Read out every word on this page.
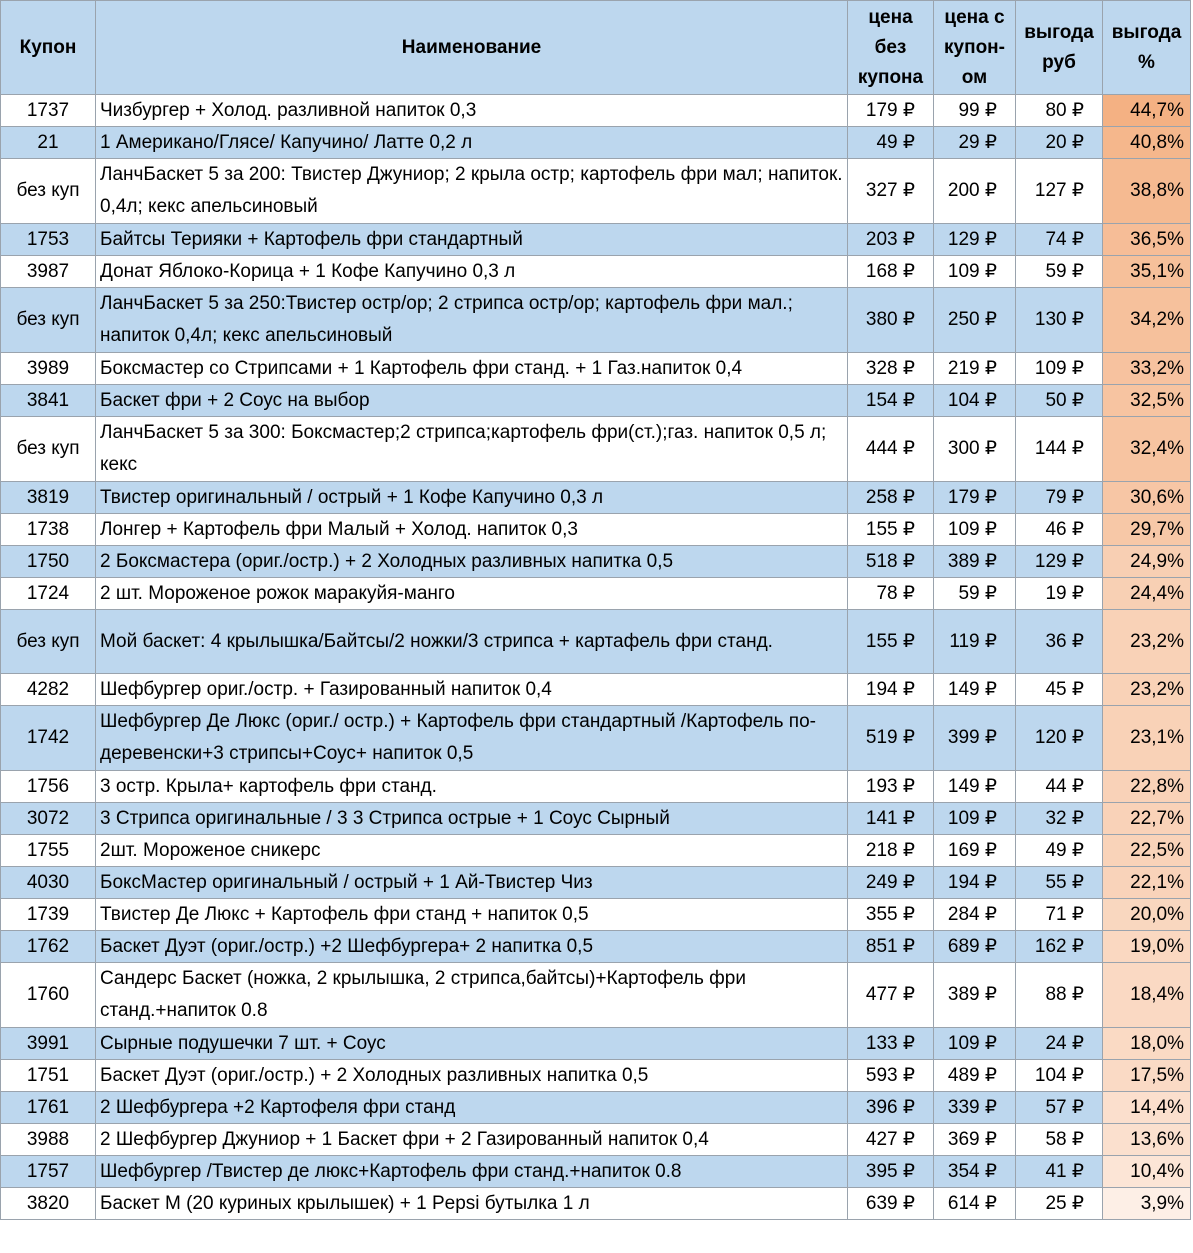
Купон	Наименование	цена без купона	цена с купон-ом	выгода руб	выгода %
1737	Чизбургер + Холод. разливной напиток 0,3	179 ₽	99 ₽	80 ₽	44,7%
21	1 Американо/Глясе/ Капучино/ Латте 0,2 л	49 ₽	29 ₽	20 ₽	40,8%
без куп	ЛанчБаскет 5 за 200: Твистер Джуниор; 2 крыла остр; картофель фри мал; напиток. 0,4л; кекс апельсиновый	327 ₽	200 ₽	127 ₽	38,8%
1753	Байтсы Терияки + Картофель фри стандартный	203 ₽	129 ₽	74 ₽	36,5%
3987	Донат Яблоко-Корица + 1 Кофе Капучино 0,3 л	168 ₽	109 ₽	59 ₽	35,1%
без куп	ЛанчБаскет 5 за 250:Твистер остр/ор; 2 стрипса остр/ор; картофель фри мал.; напиток 0,4л; кекс апельсиновый	380 ₽	250 ₽	130 ₽	34,2%
3989	Боксмастер со Стрипсами + 1 Картофель фри станд. + 1 Газ.напиток 0,4	328 ₽	219 ₽	109 ₽	33,2%
3841	Баскет фри + 2 Соус на выбор	154 ₽	104 ₽	50 ₽	32,5%
без куп	ЛанчБаскет 5 за 300: Боксмастер;2 стрипса;картофель фри(ст.);газ. напиток 0,5 л; кекс	444 ₽	300 ₽	144 ₽	32,4%
3819	Твистер оригинальный / острый + 1 Кофе Капучино 0,3 л	258 ₽	179 ₽	79 ₽	30,6%
1738	Лонгер + Картофель фри Малый + Холод. напиток 0,3	155 ₽	109 ₽	46 ₽	29,7%
1750	2 Боксмастера (ориг./остр.) + 2 Холодных разливных напитка 0,5	518 ₽	389 ₽	129 ₽	24,9%
1724	2 шт. Мороженое рожок маракуйя-манго	78 ₽	59 ₽	19 ₽	24,4%
без куп	Мой баскет: 4 крылышка/Байтсы/2 ножки/3 стрипса + картафель фри станд.	155 ₽	119 ₽	36 ₽	23,2%
4282	Шефбургер ориг./остр. + Газированный напиток 0,4	194 ₽	149 ₽	45 ₽	23,2%
1742	Шефбургер Де Люкс (ориг./ остр.) + Картофель фри стандартный /Картофель по-деревенски+3 стрипсы+Соус+ напиток 0,5	519 ₽	399 ₽	120 ₽	23,1%
1756	3 остр. Крыла+ картофель фри станд.	193 ₽	149 ₽	44 ₽	22,8%
3072	3 Стрипса оригинальные / 3 3 Стрипса острые + 1 Соус Сырный	141 ₽	109 ₽	32 ₽	22,7%
1755	2шт. Мороженое сникерс	218 ₽	169 ₽	49 ₽	22,5%
4030	БоксМастер оригинальный / острый + 1 Ай-Твистер Чиз	249 ₽	194 ₽	55 ₽	22,1%
1739	Твистер Де Люкс + Картофель фри станд + напиток 0,5	355 ₽	284 ₽	71 ₽	20,0%
1762	Баскет Дуэт (ориг./остр.) +2 Шефбургера+ 2 напитка 0,5	851 ₽	689 ₽	162 ₽	19,0%
1760	Сандерс Баскет (ножка, 2 крылышка, 2 стрипса,байтсы)+Картофель фри станд.+напиток 0.8	477 ₽	389 ₽	88 ₽	18,4%
3991	Сырные подушечки 7 шт. + Соус	133 ₽	109 ₽	24 ₽	18,0%
1751	Баскет Дуэт (ориг./остр.) + 2 Холодных разливных напитка 0,5	593 ₽	489 ₽	104 ₽	17,5%
1761	2 Шефбургера +2 Картофеля фри станд	396 ₽	339 ₽	57 ₽	14,4%
3988	2 Шефбургер Джуниор + 1 Баскет фри + 2 Газированный напиток 0,4	427 ₽	369 ₽	58 ₽	13,6%
1757	Шефбургер /Твистер де люкс+Картофель фри станд.+напиток 0.8	395 ₽	354 ₽	41 ₽	10,4%
3820	Баскет М (20 куриных крылышек) + 1 Pepsi бутылка 1 л	639 ₽	614 ₽	25 ₽	3,9%
